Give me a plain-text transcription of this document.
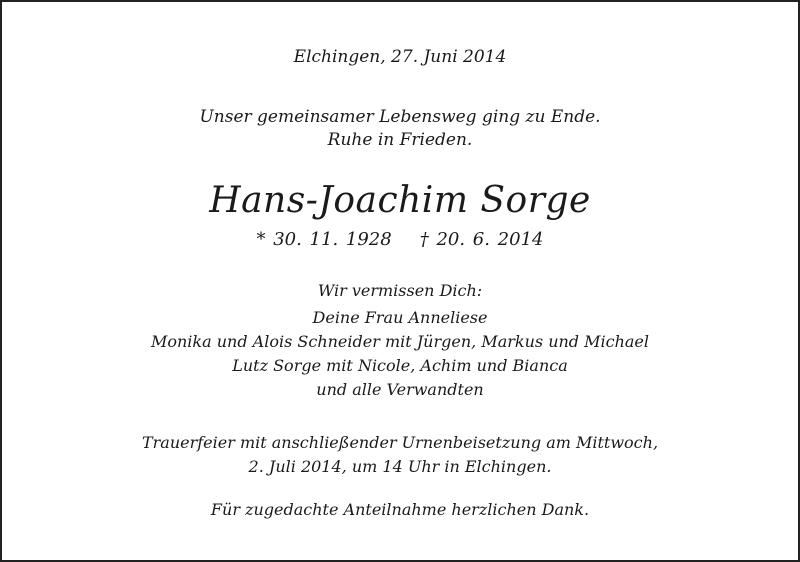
Elchingen, 27. Juni 2014
Unser gemeinsamer Lebensweg ging zu Ende.
Ruhe in Frieden.
Hans-Joachim Sorge
* 30. 11. 1928 † 20. 6. 2014
Wir vermissen Dich:
Deine Frau Anneliese
Monika und Alois Schneider mit Jürgen, Markus und Michael
Lutz Sorge mit Nicole, Achim und Bianca
und alle Verwandten
Trauerfeier mit anschließender Urnenbeisetzung am Mittwoch,
2. Juli 2014, um 14 Uhr in Elchingen.
Für zugedachte Anteilnahme herzlichen Dank.
